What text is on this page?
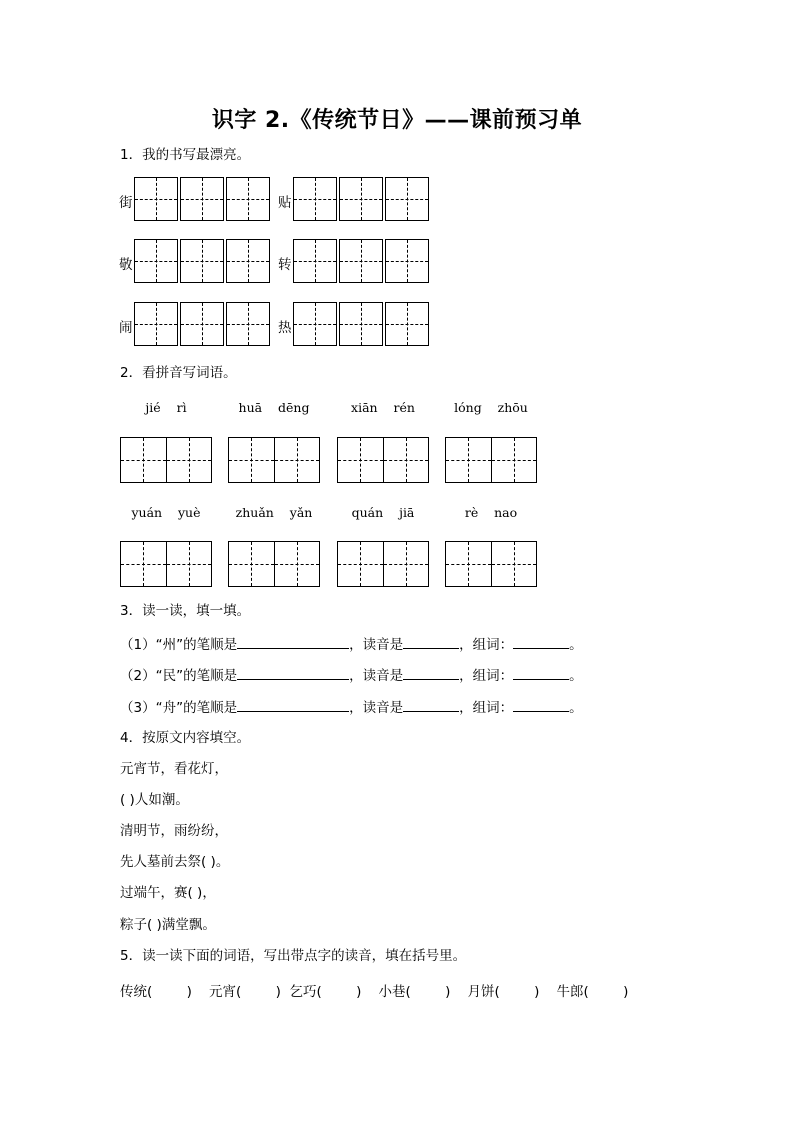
识字 2.《传统节日》——课前预习单
1．我的书写最漂亮。
街	贴
敬	转
闹	热
2．看拼音写词语。
jié rì	huā dēng	xiān rén	lóng zhōu
yuán yuè	zhuǎn yǎn	quán jiā	rè nao
3．读一读，填一填。
（1）“州”的笔顺是	，读音是	，组词：	。
（2）“民”的笔顺是	，读音是	，组词：	。
（3）“舟”的笔顺是	，读音是	，组词：	。
4．按原文内容填空。
元宵节，看花灯，
( )人如潮。
清明节，雨纷纷，
先人墓前去祭( )。
过端午，赛( )，
粽子( )满堂飘。
5．读一读下面的词语，写出带点字的读音，填在括号里。
传统(        )    元宵(        )  乞巧(        )    小巷(        )    月饼(        )    牛郎(        )
